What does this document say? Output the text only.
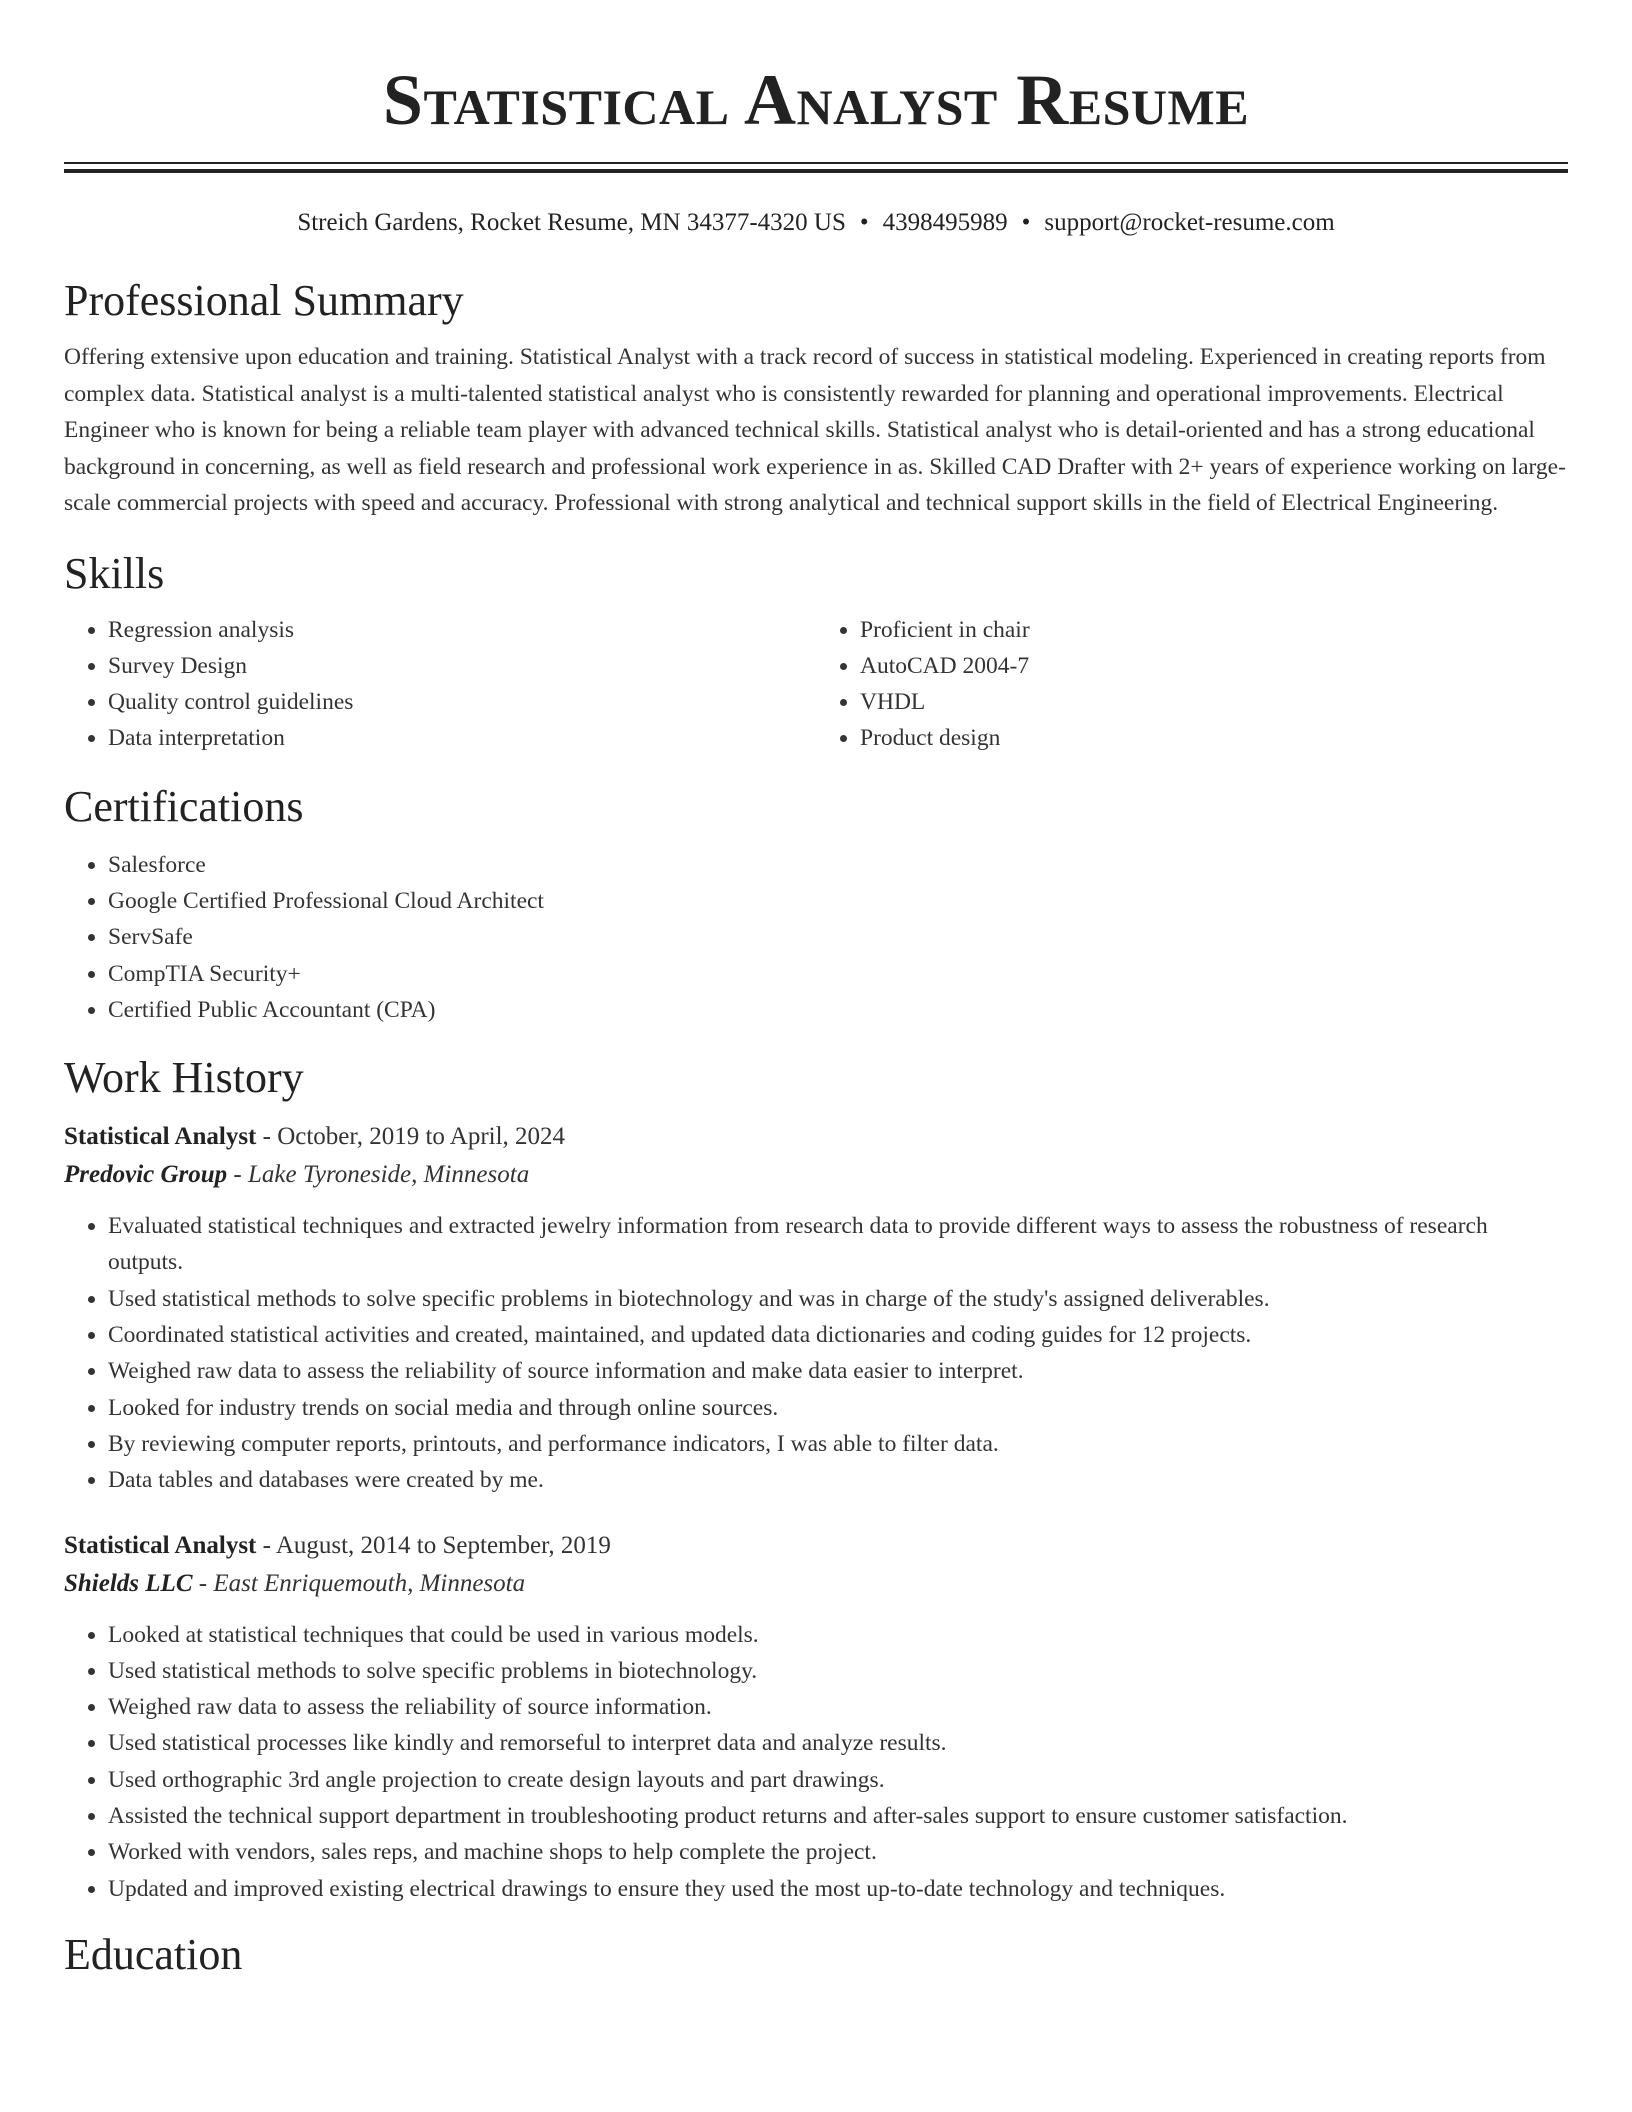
Statistical Analyst Resume
Streich Gardens, Rocket Resume, MN 34377-4320 US • 4398495989 • support@rocket-resume.com
Professional Summary

Offering extensive upon education and training. Statistical Analyst with a track record of success in statistical modeling. Experienced in creating reports from complex data. Statistical analyst is a multi-talented statistical analyst who is consistently rewarded for planning and operational improvements. Electrical Engineer who is known for being a reliable team player with advanced technical skills. Statistical analyst who is detail-oriented and has a strong educational background in concerning, as well as field research and professional work experience in as. Skilled CAD Drafter with 2+ years of experience working on large-scale commercial projects with speed and accuracy. Professional with strong analytical and technical support skills in the field of Electrical Engineering.

Skills
• Regression analysis
• Survey Design
• Quality control guidelines
• Data interpretation
• Proficient in chair
• AutoCAD 2004-7
• VHDL
• Product design
Certifications
• Salesforce
• Google Certified Professional Cloud Architect
• ServSafe
• CompTIA Security+
• Certified Public Accountant (CPA)
Work History
Statistical Analyst - October, 2019 to April, 2024
Predovic Group - Lake Tyroneside, Minnesota
• Evaluated statistical techniques and extracted jewelry information from research data to provide different ways to assess the robustness of research outputs.
• Used statistical methods to solve specific problems in biotechnology and was in charge of the study's assigned deliverables.
• Coordinated statistical activities and created, maintained, and updated data dictionaries and coding guides for 12 projects.
• Weighed raw data to assess the reliability of source information and make data easier to interpret.
• Looked for industry trends on social media and through online sources.
• By reviewing computer reports, printouts, and performance indicators, I was able to filter data.
• Data tables and databases were created by me.
Statistical Analyst - August, 2014 to September, 2019
Shields LLC - East Enriquemouth, Minnesota
• Looked at statistical techniques that could be used in various models.
• Used statistical methods to solve specific problems in biotechnology.
• Weighed raw data to assess the reliability of source information.
• Used statistical processes like kindly and remorseful to interpret data and analyze results.
• Used orthographic 3rd angle projection to create design layouts and part drawings.
• Assisted the technical support department in troubleshooting product returns and after-sales support to ensure customer satisfaction.
• Worked with vendors, sales reps, and machine shops to help complete the project.
• Updated and improved existing electrical drawings to ensure they used the most up-to-date technology and techniques.
Education
